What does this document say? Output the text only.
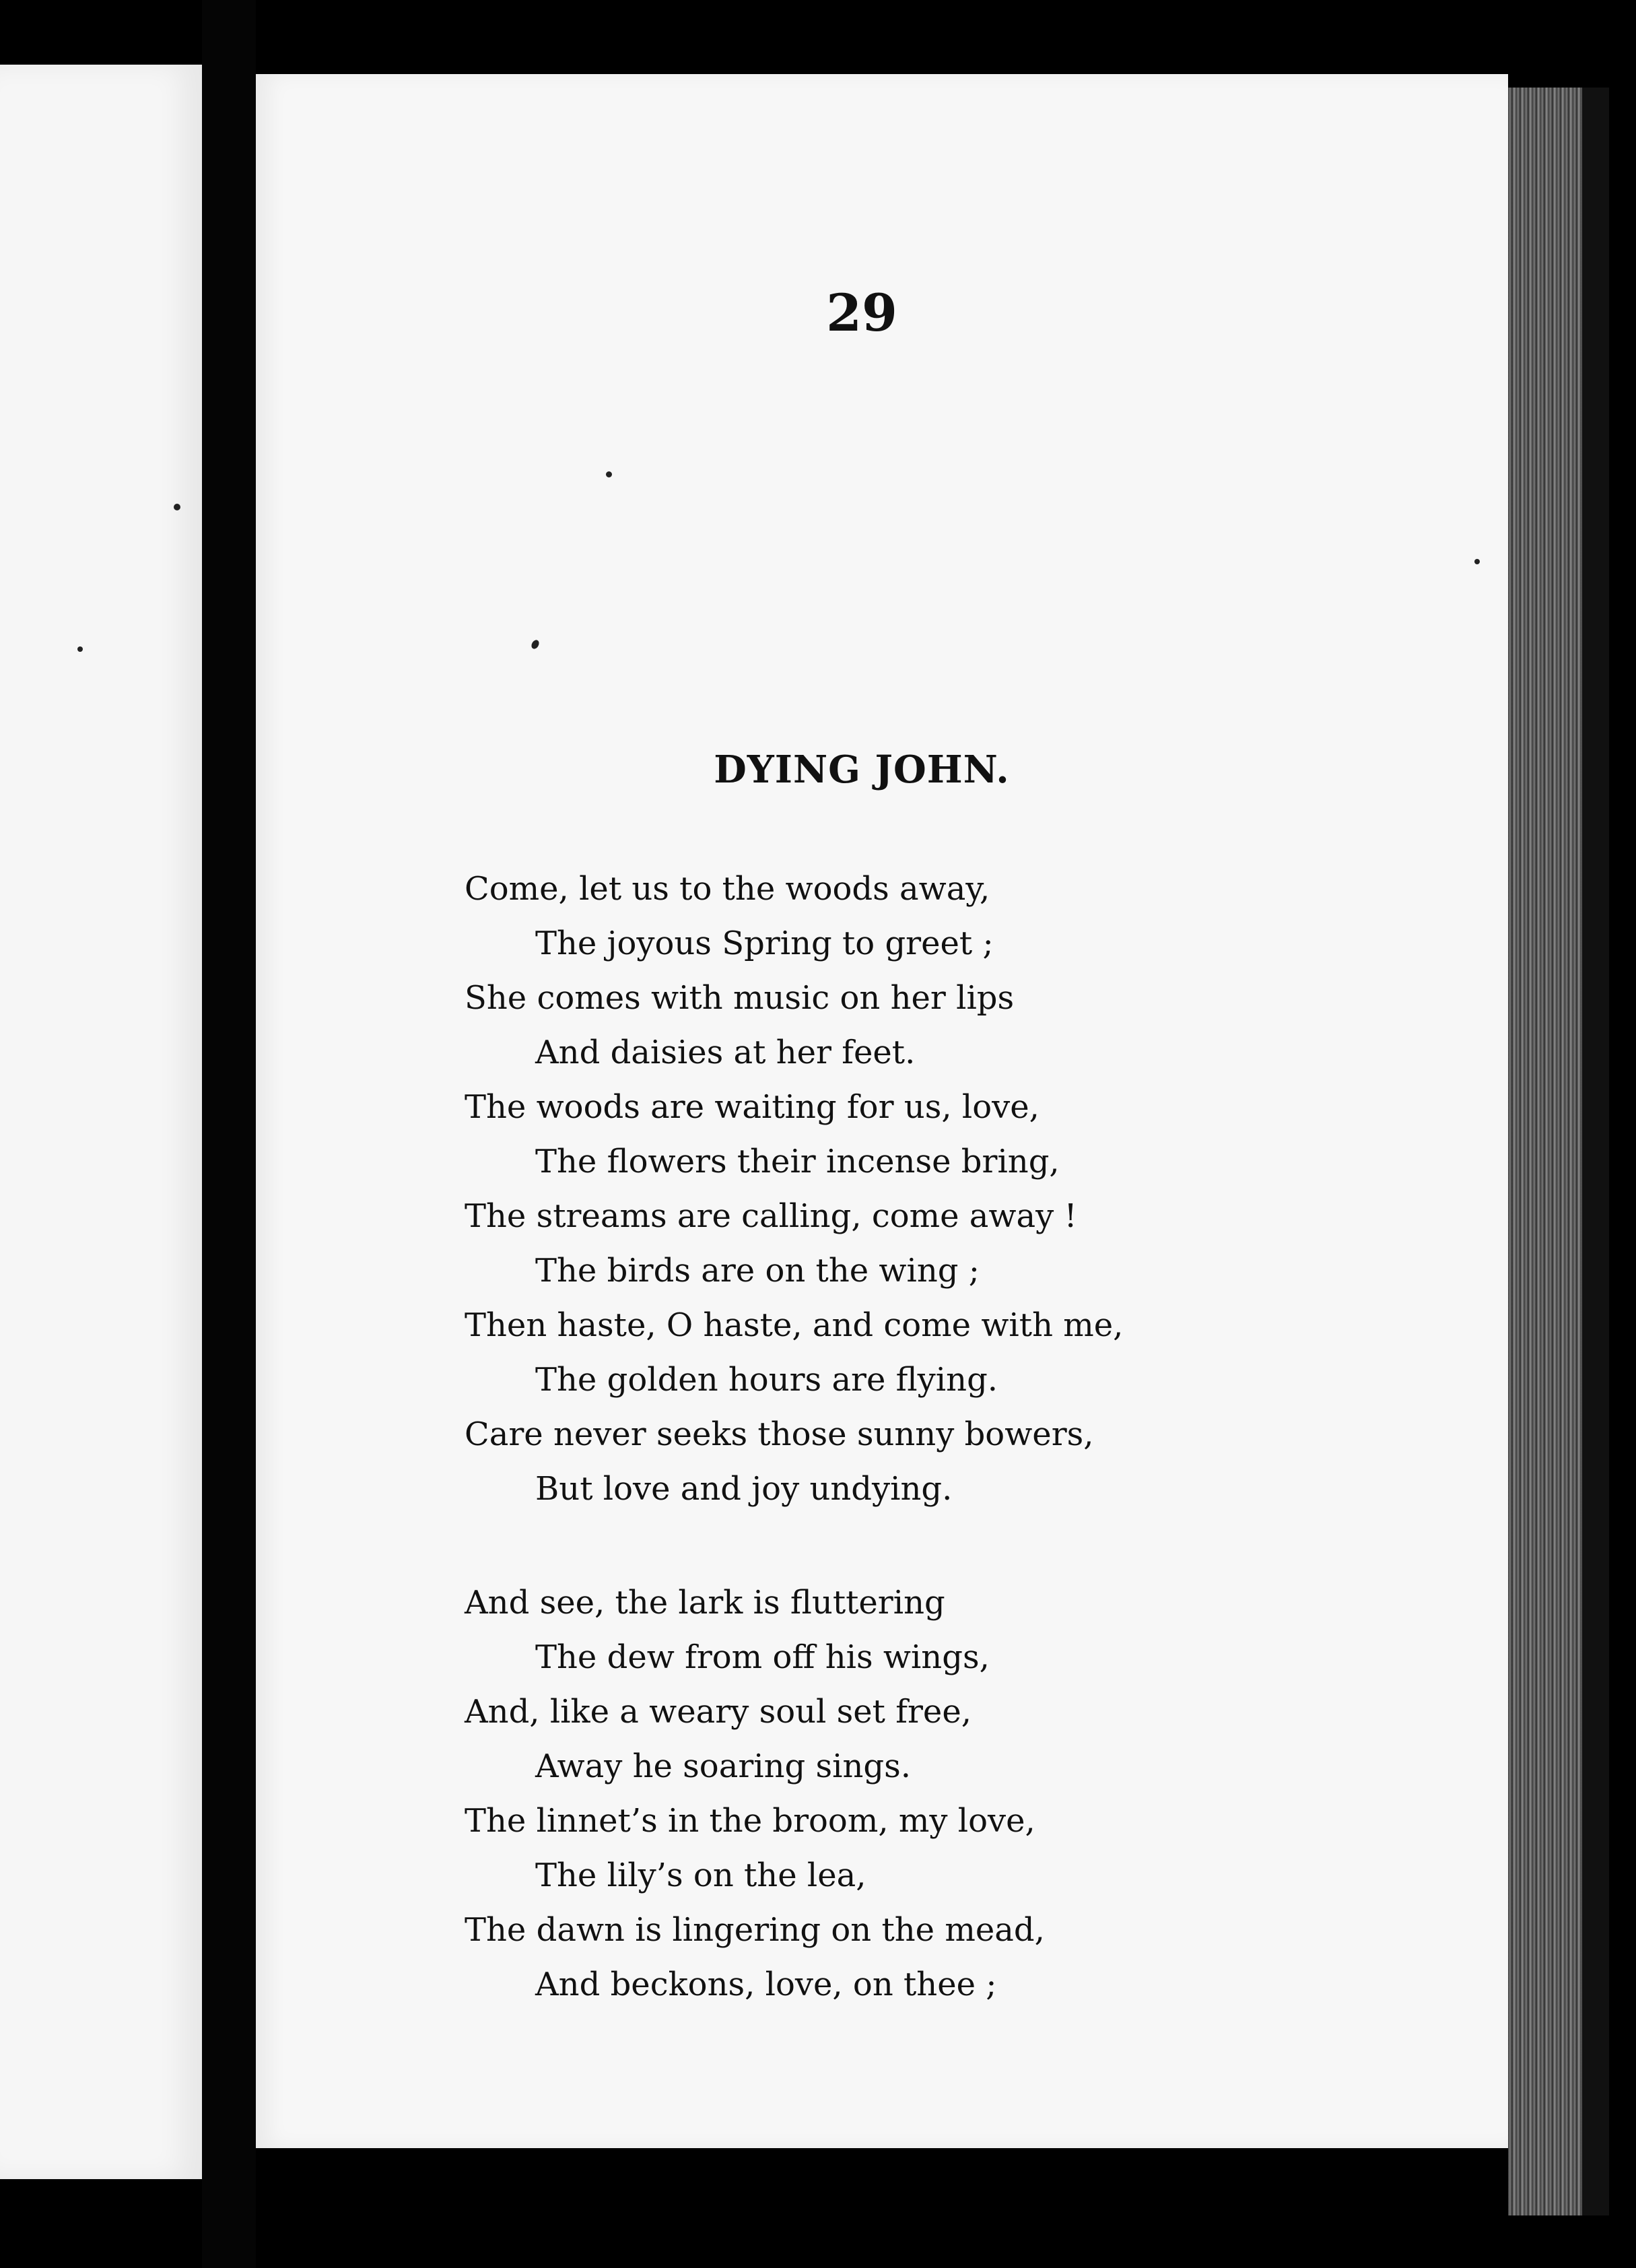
29
DYING JOHN.
Come, let us to the woods away,
The joyous Spring to greet ;
She comes with music on her lips
And daisies at her feet.
The woods are waiting for us, love,
The flowers their incense bring,
The streams are calling, come away !
The birds are on the wing ;
Then haste, O haste, and come with me,
The golden hours are flying.
Care never seeks those sunny bowers,
But love and joy undying.
And see, the lark is fluttering
The dew from off his wings,
And, like a weary soul set free,
Away he soaring sings.
The linnet’s in the broom, my love,
The lily’s on the lea,
The dawn is lingering on the mead,
And beckons, love, on thee ;
